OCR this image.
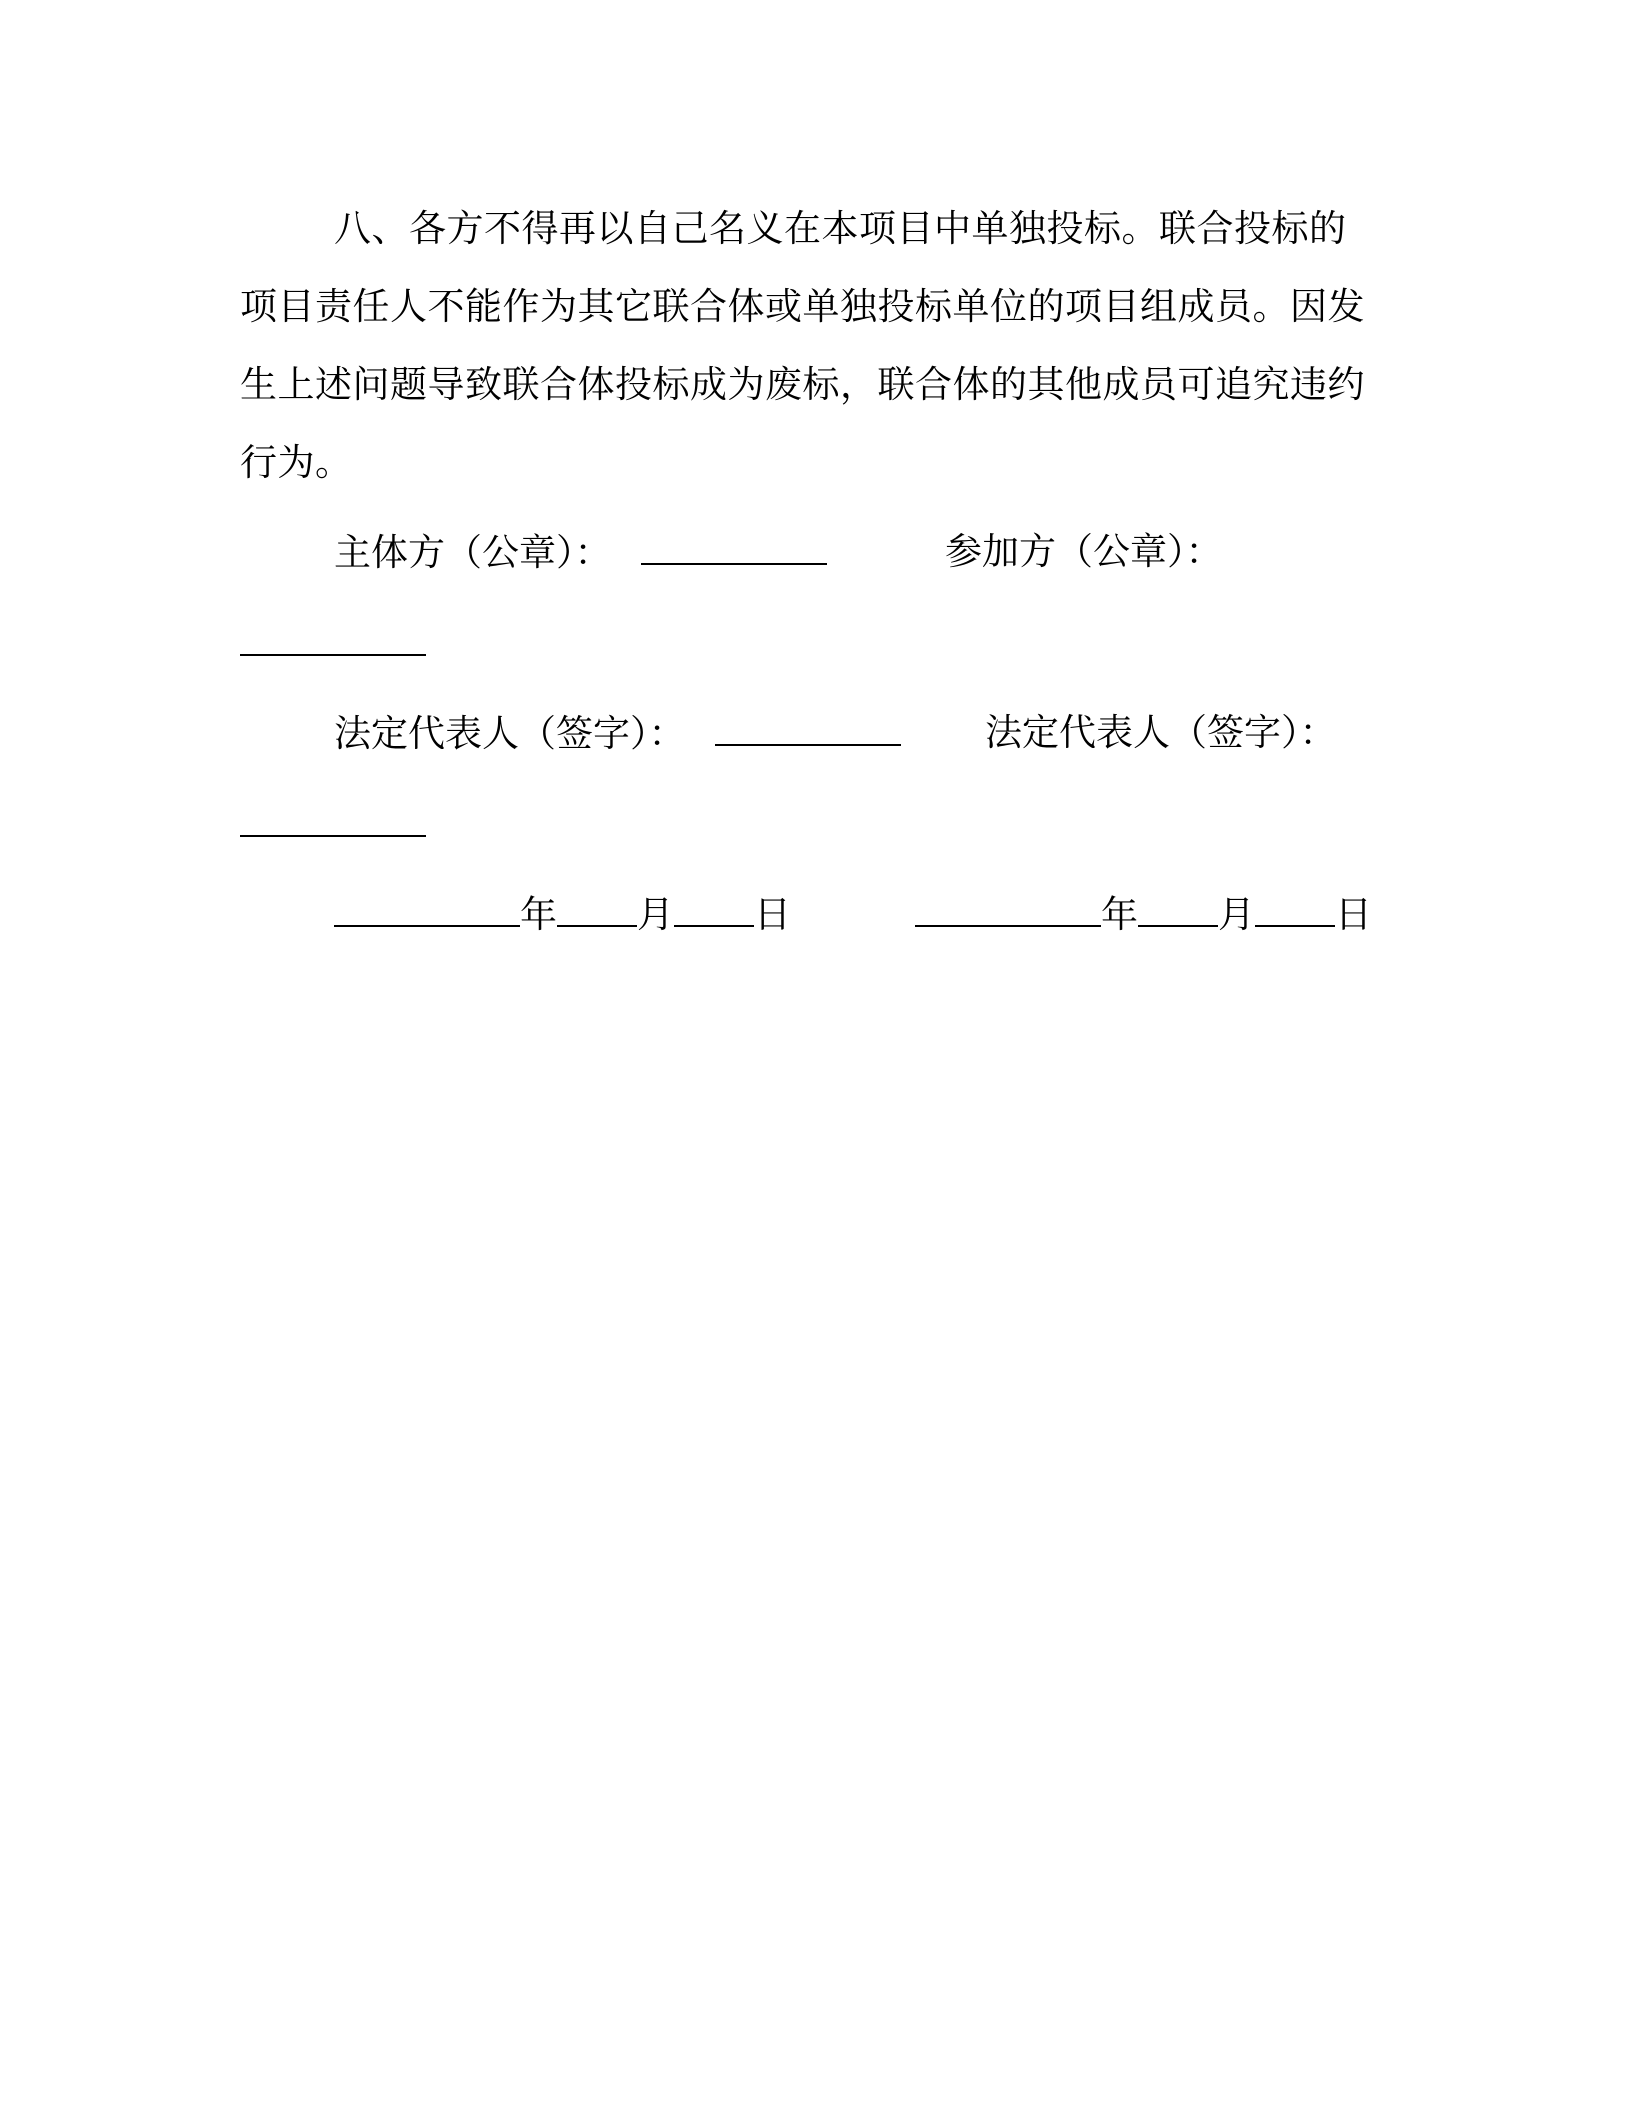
八、各方不得再以自己名义在本项目中单独投标。联合投标的项目责任人不能作为其它联合体或单独投标单位的项目组成员。因发生上述问题导致联合体投标成为废标，联合体的其他成员可追究违约行为。

主体方（公章）：	参加方（公章）：
法定代表人（签字）：	法定代表人（签字）：
年 月 日	年 月 日
